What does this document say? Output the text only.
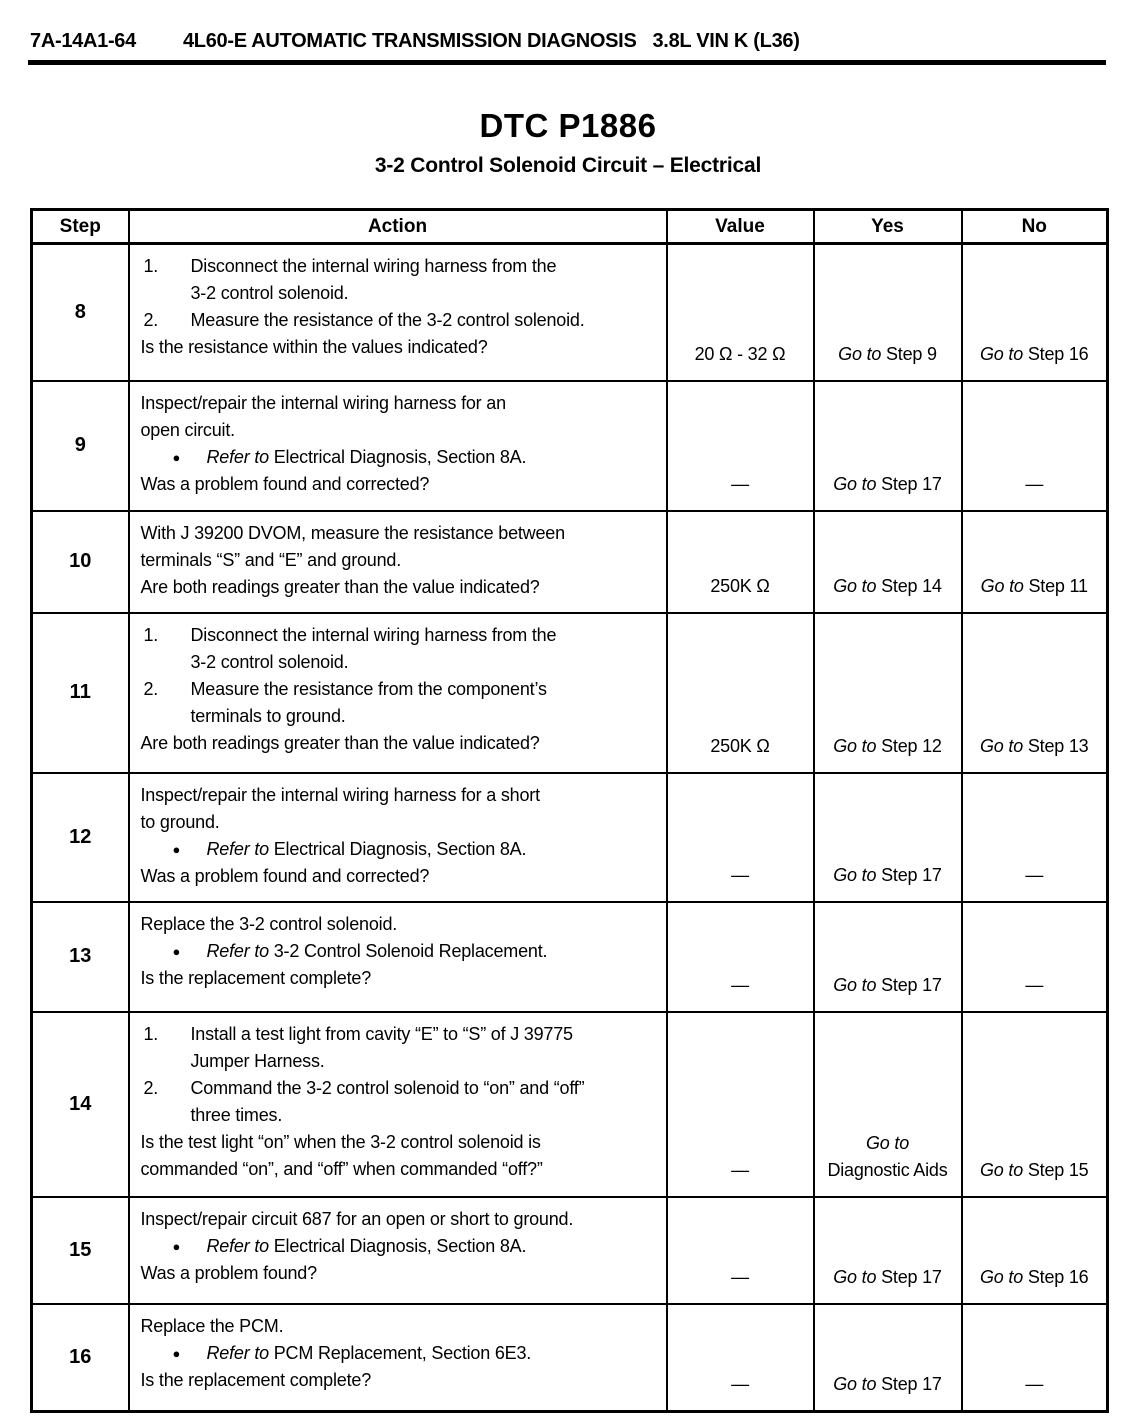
7A-14A1-64 4L60-E AUTOMATIC TRANSMISSION DIAGNOSIS 3.8L VIN K (L36)
DTC P1886
3-2 Control Solenoid Circuit – Electrical
Step	Action	Value	Yes	No
8	
1.	Disconnect the internal wiring harness from the
3-2 control solenoid.
2.	Measure the resistance of the 3-2 control solenoid.
Is the resistance within the values indicated?	20 Ω - 32 Ω	Go to Step 9	Go to Step 16
9	Inspect/repair the internal wiring harness for an
open circuit.
● Refer to Electrical Diagnosis, Section 8A.
Was a problem found and corrected?	—	Go to Step 17	—
10	With J 39200 DVOM, measure the resistance between
terminals “S” and “E” and ground.
Are both readings greater than the value indicated?	250K Ω	Go to Step 14	Go to Step 11
11	
1.	Disconnect the internal wiring harness from the
3-2 control solenoid.
2.	Measure the resistance from the component’s
terminals to ground.
Are both readings greater than the value indicated?	250K Ω	Go to Step 12	Go to Step 13
12	Inspect/repair the internal wiring harness for a short
to ground.
● Refer to Electrical Diagnosis, Section 8A.
Was a problem found and corrected?	—	Go to Step 17	—
13	Replace the 3-2 control solenoid.
● Refer to 3-2 Control Solenoid Replacement.
Is the replacement complete?	—	Go to Step 17	—
14	
1.	Install a test light from cavity “E” to “S” of J 39775
Jumper Harness.
2.	Command the 3-2 control solenoid to “on” and “off”
three times.
Is the test light “on” when the 3-2 control solenoid is
commanded “on”, and “off” when commanded “off?”	—	Go to
Diagnostic Aids	Go to Step 15
15	Inspect/repair circuit 687 for an open or short to ground.
● Refer to Electrical Diagnosis, Section 8A.
Was a problem found?	—	Go to Step 17	Go to Step 16
16	Replace the PCM.
● Refer to PCM Replacement, Section 6E3.
Is the replacement complete?	—	Go to Step 17	—
